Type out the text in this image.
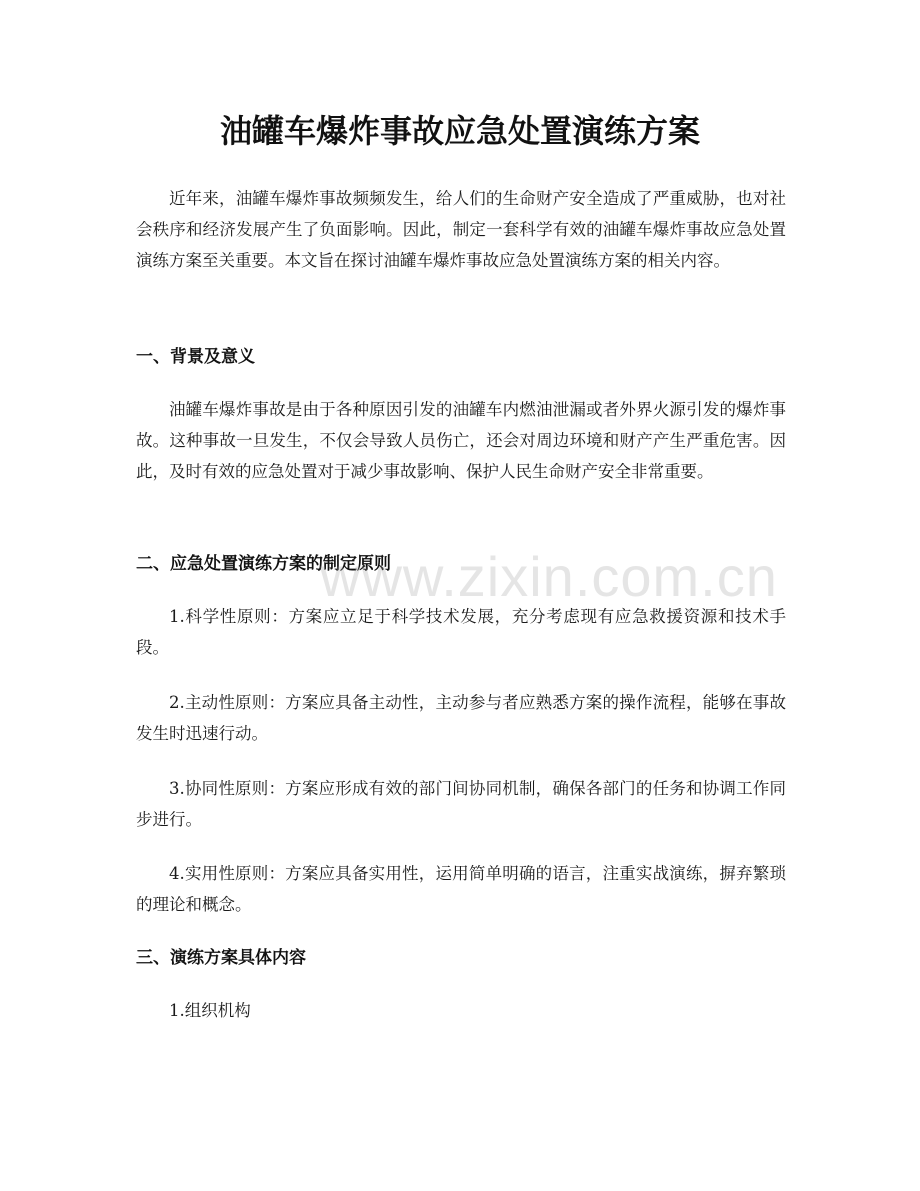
油罐车爆炸事故应急处置演练方案

近年来，油罐车爆炸事故频频发生，给人们的生命财产安全造成了严重威胁，也对社会秩序和经济发展产生了负面影响。因此，制定一套科学有效的油罐车爆炸事故应急处置演练方案至关重要。本文旨在探讨油罐车爆炸事故应急处置演练方案的相关内容。

一、背景及意义

油罐车爆炸事故是由于各种原因引发的油罐车内燃油泄漏或者外界火源引发的爆炸事故。这种事故一旦发生，不仅会导致人员伤亡，还会对周边环境和财产产生严重危害。因此，及时有效的应急处置对于减少事故影响、保护人民生命财产安全非常重要。

二、应急处置演练方案的制定原则

1.科学性原则：方案应立足于科学技术发展，充分考虑现有应急救援资源和技术手段。

2.主动性原则：方案应具备主动性，主动参与者应熟悉方案的操作流程，能够在事故发生时迅速行动。

3.协同性原则：方案应形成有效的部门间协同机制，确保各部门的任务和协调工作同步进行。

4.实用性原则：方案应具备实用性，运用简单明确的语言，注重实战演练，摒弃繁琐的理论和概念。

三、演练方案具体内容

1.组织机构

www.zixin.com.cn
